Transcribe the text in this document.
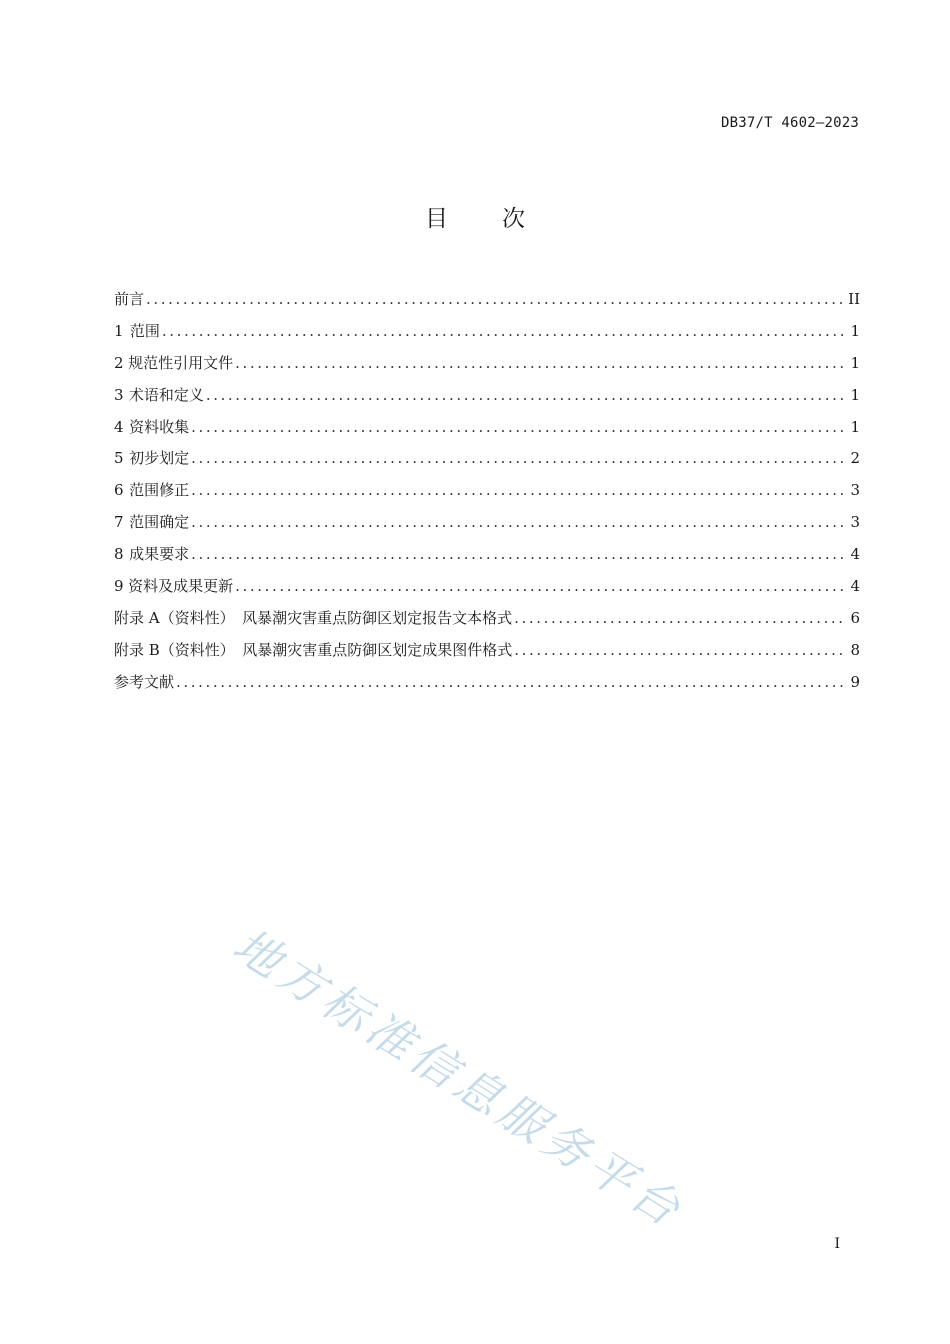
DB37/T 4602—2023
目 次
前言 .....	II
1 范围 .....	1
2 规范性引用文件 .....	1
3 术语和定义 .....	1
4 资料收集 .....	1
5 初步划定 .....	2
6 范围修正 .....	3
7 范围确定 .....	3
8 成果要求 .....	4
9 资料及成果更新 .....	4
附录 A（资料性）　风暴潮灾害重点防御区划定报告文本格式 .....	6
附录 B（资料性）　风暴潮灾害重点防御区划定成果图件格式 .....	8
参考文献 .....	9
地方标准信息服务平台
I
